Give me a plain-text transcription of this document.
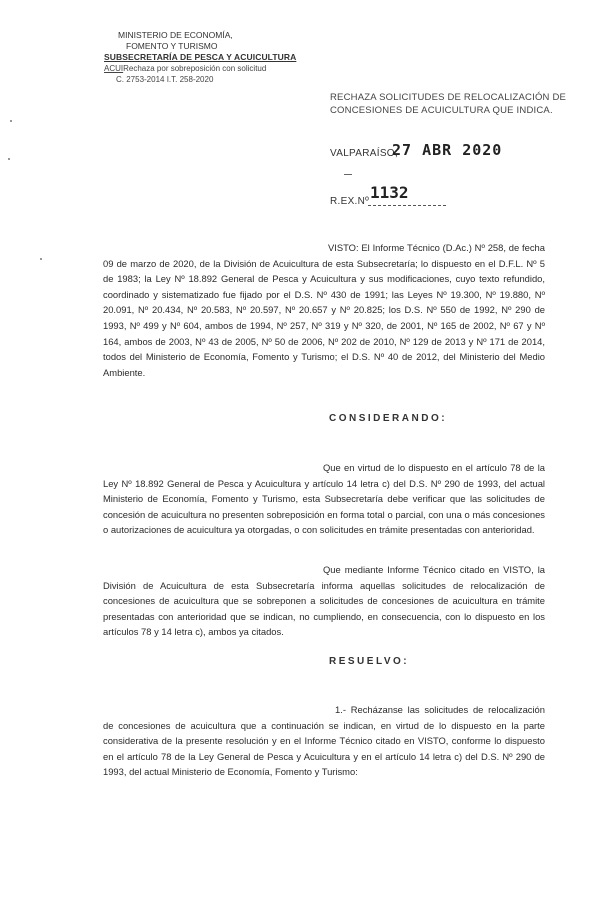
MINISTERIO DE ECONOMÍA,
FOMENTO Y TURISMO
SUBSECRETARÍA DE PESCA Y ACUICULTURA
ACUIRechaza por sobreposición con solicitud
C. 2753-2014 I.T. 258-2020
RECHAZA SOLICITUDES DE RELOCALIZACIÓN DE
CONCESIONES DE ACUICULTURA QUE INDICA.
VALPARAÍSO,
27 ABR 2020
1132
R.EX.Nº
VISTO: El Informe Técnico (D.Ac.) Nº 258, de fecha 09 de marzo de 2020, de la División de Acuicultura de esta Subsecretaría; lo dispuesto en el D.F.L. Nº 5 de 1983; la Ley Nº 18.892 General de Pesca y Acuicultura y sus modificaciones, cuyo texto refundido, coordinado y sistematizado fue fijado por el D.S. Nº 430 de 1991; las Leyes Nº 19.300, Nº 19.880, Nº 20.091, Nº 20.434, Nº 20.583, Nº 20.597, Nº 20.657 y Nº 20.825; los D.S. Nº 550 de 1992, Nº 290 de 1993, Nº 499 y Nº 604, ambos de 1994, Nº 257, Nº 319 y Nº 320, de 2001, Nº 165 de 2002, Nº 67 y Nº 164, ambos de 2003, Nº 43 de 2005, Nº 50 de 2006, Nº 202 de 2010, Nº 129 de 2013 y Nº 171 de 2014, todos del Ministerio de Economía, Fomento y Turismo; el D.S. Nº 40 de 2012, del Ministerio del Medio Ambiente.
CONSIDERANDO:
Que en virtud de lo dispuesto en el artículo 78 de la Ley Nº 18.892 General de Pesca y Acuicultura y artículo 14 letra c) del D.S. Nº 290 de 1993, del actual Ministerio de Economía, Fomento y Turismo, esta Subsecretaría debe verificar que las solicitudes de concesión de acuicultura no presenten sobreposición en forma total o parcial, con una o más concesiones o autorizaciones de acuicultura ya otorgadas, o con solicitudes en trámite presentadas con anterioridad.
Que mediante Informe Técnico citado en VISTO, la División de Acuicultura de esta Subsecretaría informa aquellas solicitudes de relocalización de concesiones de acuicultura que se sobreponen a solicitudes de concesiones de acuicultura en trámite presentadas con anterioridad que se indican, no cumpliendo, en consecuencia, con lo dispuesto en los artículos 78 y 14 letra c), ambos ya citados.
RESUELVO:
1.- Recházanse las solicitudes de relocalización de concesiones de acuicultura que a continuación se indican, en virtud de lo dispuesto en la parte considerativa de la presente resolución y en el Informe Técnico citado en VISTO, conforme lo dispuesto en el artículo 78 de la Ley General de Pesca y Acuicultura y en el artículo 14 letra c) del D.S. Nº 290 de 1993, del actual Ministerio de Economía, Fomento y Turismo:
